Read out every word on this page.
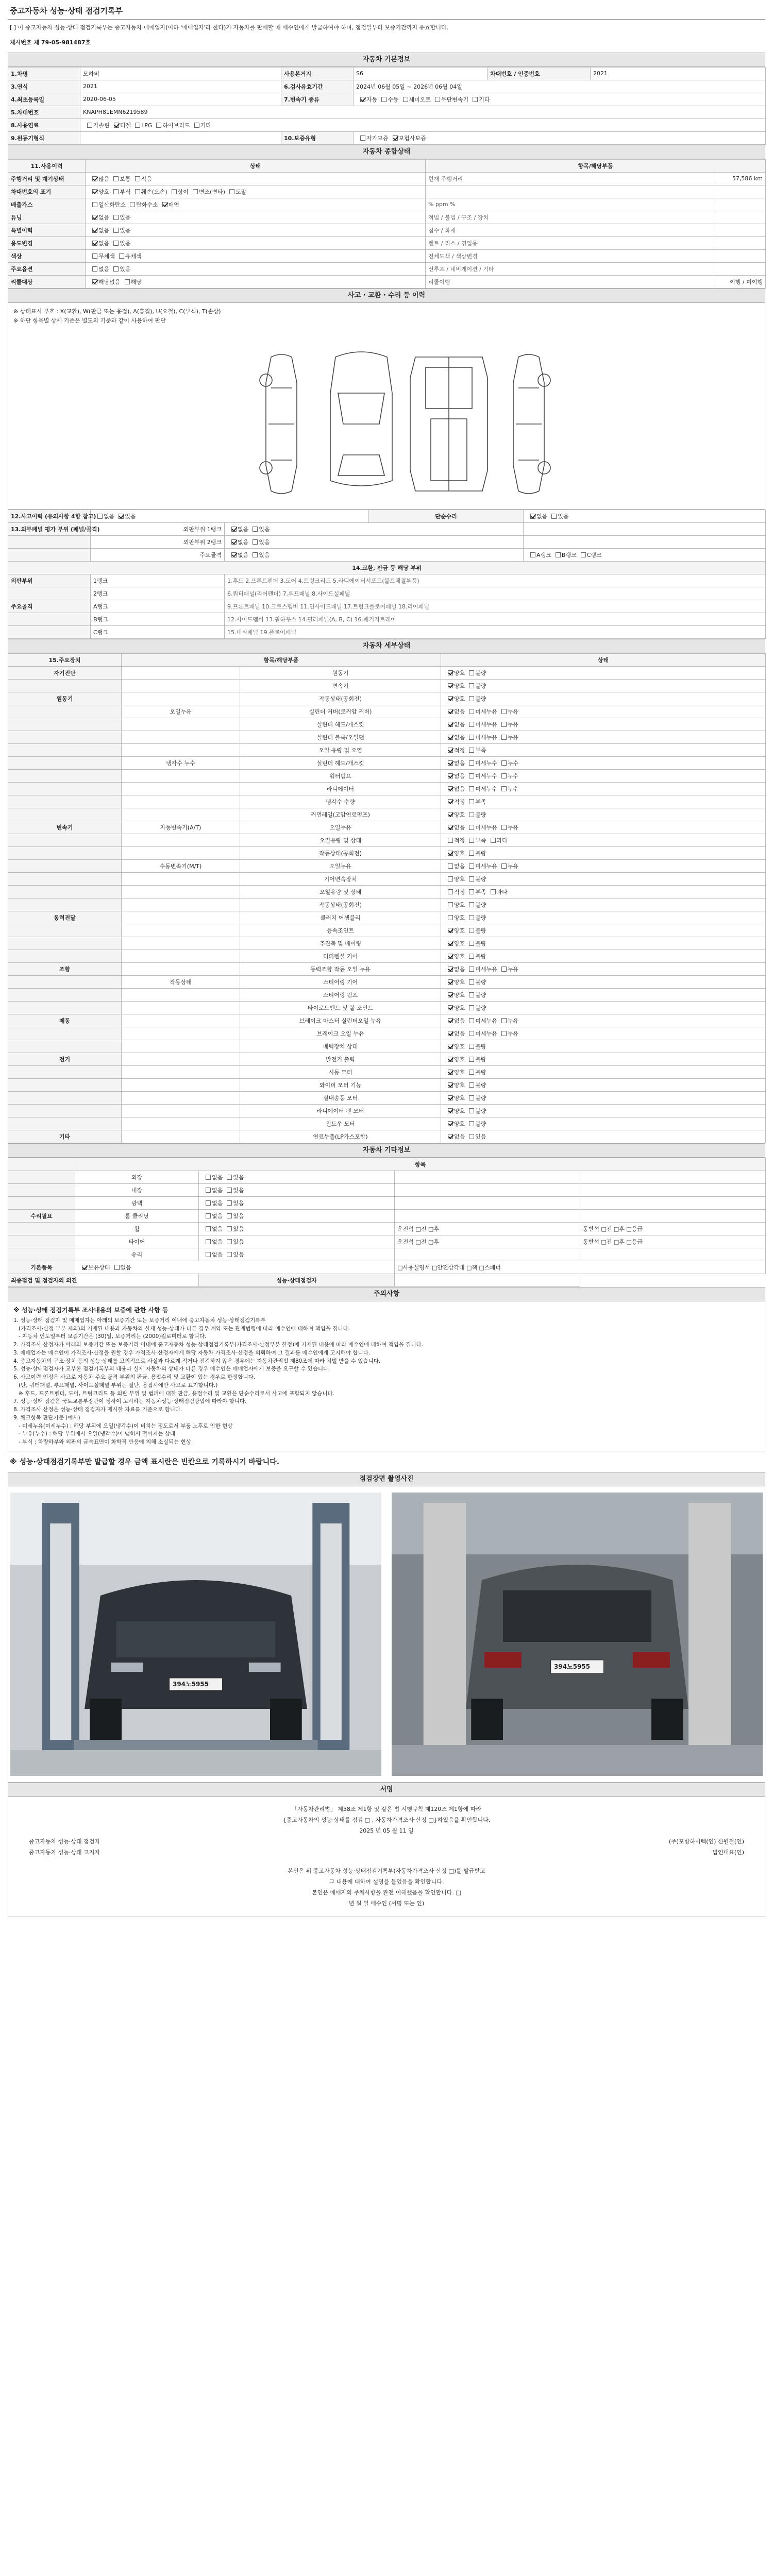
중고자동차 성능·상태 점검기록부
[ ] 이 중고자동차 성능·상태 점검기록부는 중고자동차 매매업자(이하 '매매업자'라 한다)가 자동차를 판매할 때 매수인에게 발급하여야 하며, 점검일부터 보증기간까지 유효합니다.
제시번호 제 79-05-981487호
자동차 기본정보
1.차명	모하비	사용본거지	S6	차대번호 / 인증번호	2021
3.연식	2021	6.검사유효기간	2024년 06월 05일 ~ 2026년 06월 04일		
4.최초등록일	2020-06-05	7.변속기 종류	자동 수동 세미오토 무단변속기 기타		
5.차대번호	KNAPH81EMN6219589				
8.사용연료	가솔린 디젤 LPG 하이브리드 기타				
9.원동기형식		10.보증유형	자가보증 보험사보증		
자동차 종합상태
11.사용이력	상태	항목/해당부품	
주행거리 및 계기상태	많음 보통 적음	현재 주행거리	57,586 km
차대번호의 표기	양호 부식 훼손(오손) 상이 변조(변타) 도말		
배출가스	일산화탄소 탄화수소 매연	% ppm %	
튜닝	없음 있음	적법 / 불법 / 구조 / 장치	
특별이력	없음 있음	침수 / 화재	
용도변경	없음 있음	렌트 / 리스 / 영업용	
색상	무채색 유채색	전체도색 / 색상변경	
주요옵션	없음 있음	선루프 / 네비게이션 / 기타	
리콜대상	해당없음 해당	리콜이행	이행 / 미이행
사고 · 교환 · 수리 등 이력
※ 상태표시 부호 : X(교환), W(판금 또는 용접), A(흠집), U(요철), C(부식), T(손상)
※ 하단 항목별 상세 기준은 별도의 기준과 같이 사용하여 판단
12.사고이력 (유의사항 4항 참고)	없음 있음		단순수리	없음 있음
13.외부패널 평가 부위 (패널/골격)	외판부위 1랭크	없음 있음		
	외판부위 2랭크	없음 있음		
	주요골격	없음 있음		A랭크 B랭크 C랭크
14.교환, 판금 등 해당 부위				
외판부위	1랭크	1.후드 2.프론트펜더 3.도어 4.트렁크리드 5.라디에이터서포트(볼트체결부품)		
	2랭크	6.쿼터패널(리어펜더) 7.루프패널 8.사이드실패널		
주요골격	A랭크	9.프론트패널 10.크로스멤버 11.인사이드패널 17.트렁크플로어패널 18.리어패널		
	B랭크	12.사이드멤버 13.휠하우스 14.필러패널(A, B, C) 16.패키지트레이		
	C랭크	15.대쉬패널 19.플로어패널		
자동차 세부상태
15.주요장치	항목/해당부품		상태
자기진단		원동기	양호 불량
		변속기	양호 불량
원동기		작동상태(공회전)	양호 불량
	오일누유	실린더 커버(로커암 커버)	없음 미세누유 누유
		실린더 헤드/개스킷	없음 미세누유 누유
		실린더 블록/오일팬	없음 미세누유 누유
		오일 유량 및 오염	적정 부족
	냉각수 누수	실린더 헤드/개스킷	없음 미세누수 누수
		워터펌프	없음 미세누수 누수
		라디에이터	없음 미세누수 누수
		냉각수 수량	적정 부족
		커먼레일(고압연료펌프)	양호 불량
변속기	자동변속기(A/T)	오일누유	없음 미세누유 누유
		오일유량 및 상태	적정 부족 과다
		작동상태(공회전)	양호 불량
	수동변속기(M/T)	오일누유	없음 미세누유 누유
		기어변속장치	양호 불량
		오일유량 및 상태	적정 부족 과다
		작동상태(공회전)	양호 불량
동력전달		클러치 어셈블리	양호 불량
		등속조인트	양호 불량
		추진축 및 베어링	양호 불량
		디퍼렌셜 기어	양호 불량
조향		동력조향 작동 오일 누유	없음 미세누유 누유
	작동상태	스티어링 기어	양호 불량
		스티어링 펌프	양호 불량
		타이로드엔드 및 볼 조인트	양호 불량
제동		브레이크 마스터 실린더오일 누유	없음 미세누유 누유
		브레이크 오일 누유	없음 미세누유 누유
		배력장치 상태	양호 불량
전기		발전기 출력	양호 불량
		시동 모터	양호 불량
		와이퍼 모터 기능	양호 불량
		실내송풍 모터	양호 불량
		라디에이터 팬 모터	양호 불량
		윈도우 모터	양호 불량
기타		연료누출(LP가스포함)	없음 있음
자동차 기타정보
	항목			
	외장	없음 있음		
	내장	없음 있음		
	광택	없음 있음		
수리필요	룸 클리닝	없음 있음		
	휠	없음 있음	운전석 □전 □후	동반석 □전 □후 □응급
	타이어	없음 있음	운전석 □전 □후	동반석 □전 □후 □응급
	유리	없음 있음		
기본품목	보유상태 없음		□사용설명서 □안전삼각대 □잭 □스패너	
최종점검 및 점검자의 의견		성능·상태점검자		
주의사항
※ 성능·상태 점검기록부 조사내용의 보증에 관한 사항 등
1. 성능·상태 점검자 및 매매업자는 아래의 보증기간 또는 보증거리 이내에 중고자동차 성능·상태점검기록부
(가격조사·산정 부분 제외)의 기재된 내용과 자동차의 실제 성능·상태가 다른 경우 계약 또는 관계법령에 따라 매수인에 대하여 책임을 집니다.
- 자동차 인도일부터 보증기간은 (30)일, 보증거리는 (2000)킬로미터로 합니다.
2. 가격조사·산정자가 아래의 보증기간 또는 보증거리 이내에 중고자동차 성능·상태점검기록부(가격조사·산정부분 한정)에 기재된 내용에 따라 매수인에 대하여 책임을 집니다.
3. 매매업자는 매수인이 가격조사·산정을 원할 경우 가격조사·산정자에게 해당 자동차 가격조사·산정을 의뢰하여 그 결과를 매수인에게 고지해야 합니다.
4. 중고자동차의 구조·장치 등의 성능·상태를 고의적으로 사실과 다르게 적거나 점검하지 않은 경우에는 자동차관리법 제80조에 따라 처벌 받을 수 있습니다.
5. 성능·상태점검자가 교부한 점검기록부의 내용과 실제 자동차의 상태가 다른 경우 매수인은 매매업자에게 보증을 요구할 수 있습니다.
6. 사고이력 인정은 사고로 자동차 주요 골격 부위의 판금, 용접수리 및 교환이 있는 경우로 한정합니다.
(단, 쿼터패널, 루프패널, 사이드실패널 부위는 절단, 용접시에만 사고로 표기합니다.)
※ 후드, 프론트펜더, 도어, 트렁크리드 등 외판 부위 및 범퍼에 대한 판금, 용접수리 및 교환은 단순수리로서 사고에 포함되지 않습니다.
7. 성능·상태 점검은 국토교통부장관이 정하여 고시하는 자동차성능·상태점검방법에 따라야 합니다.
8. 가격조사·산정은 성능·상태 점검자가 제시한 자료를 기준으로 합니다.
9. 체크항목 판단기준 (예시)
- 미세누유(미세누수) : 해당 부위에 오일(냉각수)이 비치는 정도로서 부품 노후로 인한 현상
- 누유(누수) : 해당 부위에서 오일(냉각수)이 맺혀서 떨어지는 상태
- 부식 : 차량하부와 외판의 금속표면이 화학적 반응에 의해 소실되는 현상
※ 성능·상태점검기록부만 발급할 경우 금액 표시란은 빈칸으로 기록하시기 바랍니다.
점검장면 촬영사진
394노5955
394노5955
서명
「자동차관리법」 제58조 제1항 및 같은 법 시행규칙 제120조 제1항에 따라
{중고자동차의 성능·상태를 점검 □ , 자동차가격조사·산정 □}하였음을 확인합니다.
2025 년 05 월 11 일
중고자동차 성능·상태 점검자	(주)포항하이텍(인) 신원철(인)
중고자동차 성능·상태 고지자	법인대표(인)
본인은 위 중고자동차 성능·상태점검기록부(자동차가격조사·산정 □)를 발급받고
그 내용에 대하여 설명을 들었음을 확인합니다.
본인은 매매자의 주체사항을 완전 이해했음을 확인합니다. □
년 월 일 매수인 (서명 또는 인)
